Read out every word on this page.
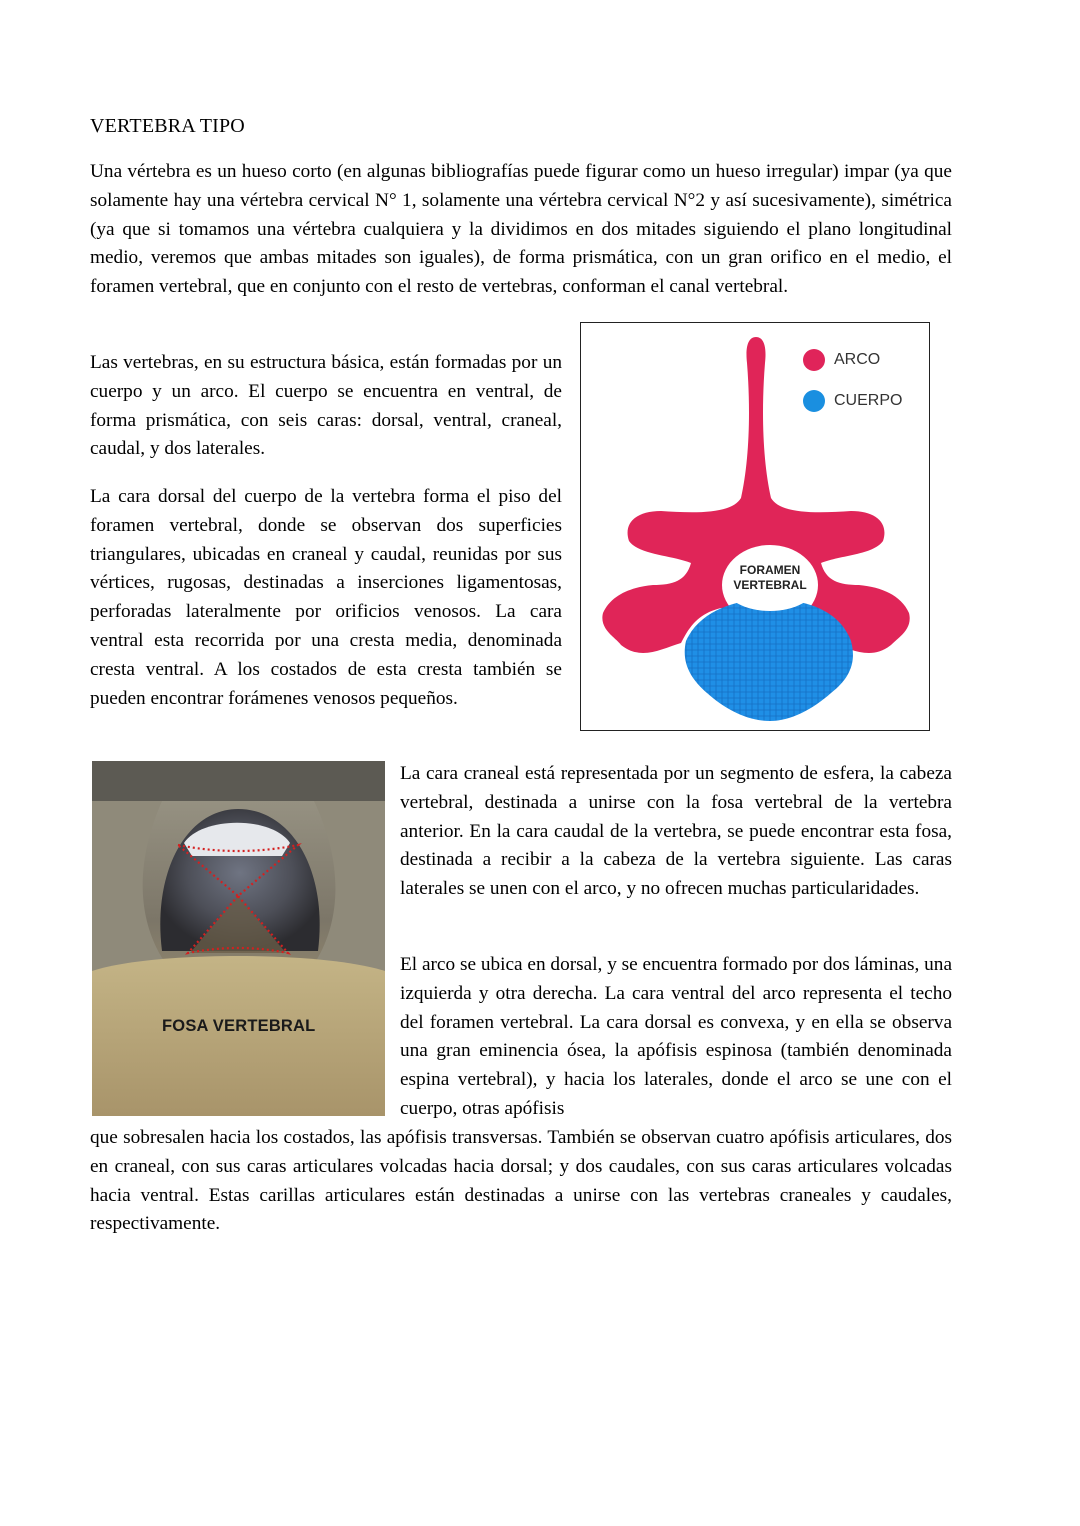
VERTEBRA TIPO

Una vértebra es un hueso corto (en algunas bibliografías puede figurar como un hueso irregular) impar (ya que solamente hay una vértebra cervical N° 1, solamente una vértebra cervical N°2 y así sucesivamente), simétrica (ya que si tomamos una vértebra cualquiera y la dividimos en dos mitades siguiendo el plano longitudinal medio, veremos que ambas mitades son iguales), de forma prismática, con un gran orifico en el medio, el foramen vertebral, que en conjunto con el resto de vertebras, conforman el canal vertebral.

Las vertebras, en su estructura básica, están formadas por un cuerpo y un arco. El cuerpo se encuentra en ventral, de forma prismática, con seis caras: dorsal, ventral, craneal, caudal, y dos laterales.

La cara dorsal del cuerpo de la vertebra forma el piso del foramen vertebral, donde se observan dos superficies triangulares, ubicadas en craneal y caudal, reunidas por sus vértices, rugosas, destinadas a inserciones ligamentosas, perforadas lateralmente por orificios venosos. La cara ventral esta recorrida por una cresta media, denominada cresta ventral. A los costados de esta cresta también se pueden encontrar forámenes venosos pequeños.

ARCO
CUERPO
FORAMEN
VERTEBRAL
FOSA VERTEBRAL

La cara craneal está representada por un segmento de esfera, la cabeza vertebral, destinada a unirse con la fosa vertebral de la vertebra anterior. En la cara caudal de la vertebra, se puede encontrar esta fosa, destinada a recibir a la cabeza de la vertebra siguiente. Las caras laterales se unen con el arco, y no ofrecen muchas particularidades.

El arco se ubica en dorsal, y se encuentra formado por dos láminas, una izquierda y otra derecha. La cara ventral del arco representa el techo del foramen vertebral. La cara dorsal es convexa, y en ella se observa una gran eminencia ósea, la apófisis espinosa (también denominada espina vertebral), y hacia los laterales, donde el arco se une con el cuerpo, otras apófisis

que sobresalen hacia los costados, las apófisis transversas. También se observan cuatro apófisis articulares, dos en craneal, con sus caras articulares volcadas hacia dorsal; y dos caudales, con sus caras articulares volcadas hacia ventral. Estas carillas articulares están destinadas a unirse con las vertebras craneales y caudales, respectivamente.
